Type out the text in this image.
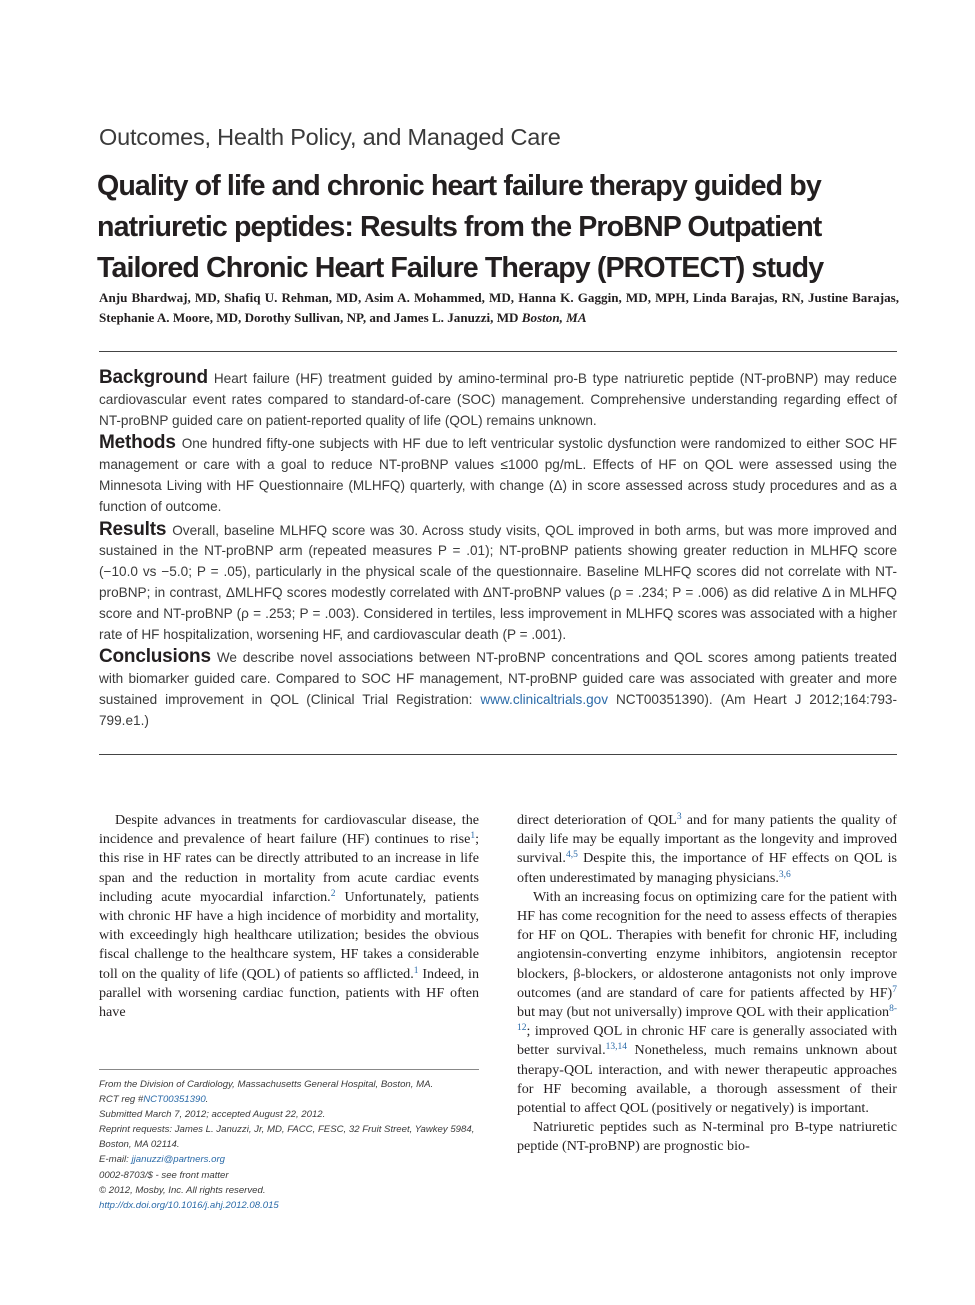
Outcomes, Health Policy, and Managed Care
Quality of life and chronic heart failure therapy guided by natriuretic peptides: Results from the ProBNP Outpatient Tailored Chronic Heart Failure Therapy (PROTECT) study
Anju Bhardwaj, MD, Shafiq U. Rehman, MD, Asim A. Mohammed, MD, Hanna K. Gaggin, MD, MPH, Linda Barajas, RN, Justine Barajas, Stephanie A. Moore, MD, Dorothy Sullivan, NP, and James L. Januzzi, MD Boston, MA

Background Heart failure (HF) treatment guided by amino-terminal pro-B type natriuretic peptide (NT-proBNP) may reduce cardiovascular event rates compared to standard-of-care (SOC) management. Comprehensive understanding regarding effect of NT-proBNP guided care on patient-reported quality of life (QOL) remains unknown.

Methods One hundred fifty-one subjects with HF due to left ventricular systolic dysfunction were randomized to either SOC HF management or care with a goal to reduce NT-proBNP values ≤1000 pg/mL. Effects of HF on QOL were assessed using the Minnesota Living with HF Questionnaire (MLHFQ) quarterly, with change (Δ) in score assessed across study procedures and as a function of outcome.

Results Overall, baseline MLHFQ score was 30. Across study visits, QOL improved in both arms, but was more improved and sustained in the NT-proBNP arm (repeated measures P = .01); NT-proBNP patients showing greater reduction in MLHFQ score (−10.0 vs −5.0; P = .05), particularly in the physical scale of the questionnaire. Baseline MLHFQ scores did not correlate with NT-proBNP; in contrast, ΔMLHFQ scores modestly correlated with ΔNT-proBNP values (ρ = .234; P = .006) as did relative Δ in MLHFQ score and NT-proBNP (ρ = .253; P = .003). Considered in tertiles, less improvement in MLHFQ scores was associated with a higher rate of HF hospitalization, worsening HF, and cardiovascular death (P = .001).

Conclusions We describe novel associations between NT-proBNP concentrations and QOL scores among patients treated with biomarker guided care. Compared to SOC HF management, NT-proBNP guided care was associated with greater and more sustained improvement in QOL (Clinical Trial Registration: www.clinicaltrials.gov NCT00351390). (Am Heart J 2012;164:793-799.e1.)

Despite advances in treatments for cardiovascular disease, the incidence and prevalence of heart failure (HF) continues to rise$^1$; this rise in HF rates can be directly attributed to an increase in life span and the reduction in mortality from acute cardiac events including acute myocardial infarction.$^2$ Unfortunately, patients with chronic HF have a high incidence of morbidity and mortality, with exceedingly high healthcare utilization; besides the obvious fiscal challenge to the healthcare system, HF takes a considerable toll on the quality of life (QOL) of patients so afflicted.$^1$ Indeed, in parallel with worsening cardiac function, patients with HF often have

From the Division of Cardiology, Massachusetts General Hospital, Boston, MA.
RCT reg #NCT00351390.
Submitted March 7, 2012; accepted August 22, 2012.
Reprint requests: James L. Januzzi, Jr, MD, FACC, FESC, 32 Fruit Street, Yawkey 5984,
Boston, MA 02114.
E-mail: jjanuzzi@partners.org
0002-8703/$ - see front matter
© 2012, Mosby, Inc. All rights reserved.
http://dx.doi.org/10.1016/j.ahj.2012.08.015

direct deterioration of QOL$^3$ and for many patients the quality of daily life may be equally important as the longevity and improved survival.$^{4,5}$ Despite this, the importance of HF effects on QOL is often underestimated by managing physicians.$^{3,6}$

With an increasing focus on optimizing care for the patient with HF has come recognition for the need to assess effects of therapies for HF on QOL. Therapies with benefit for chronic HF, including angiotensin-converting enzyme inhibitors, angiotensin receptor blockers, β-blockers, or aldosterone antagonists not only improve outcomes (and are standard of care for patients affected by HF)$^7$ but may (but not universally) improve QOL with their application$^{8-12}$; improved QOL in chronic HF care is generally associated with better survival.$^{13,14}$ Nonetheless, much remains unknown about therapy-QOL interaction, and with newer therapeutic approaches for HF becoming available, a thorough assessment of their potential to affect QOL (positively or negatively) is important.

Natriuretic peptides such as N-terminal pro B-type natriuretic peptide (NT-proBNP) are prognostic bio-
